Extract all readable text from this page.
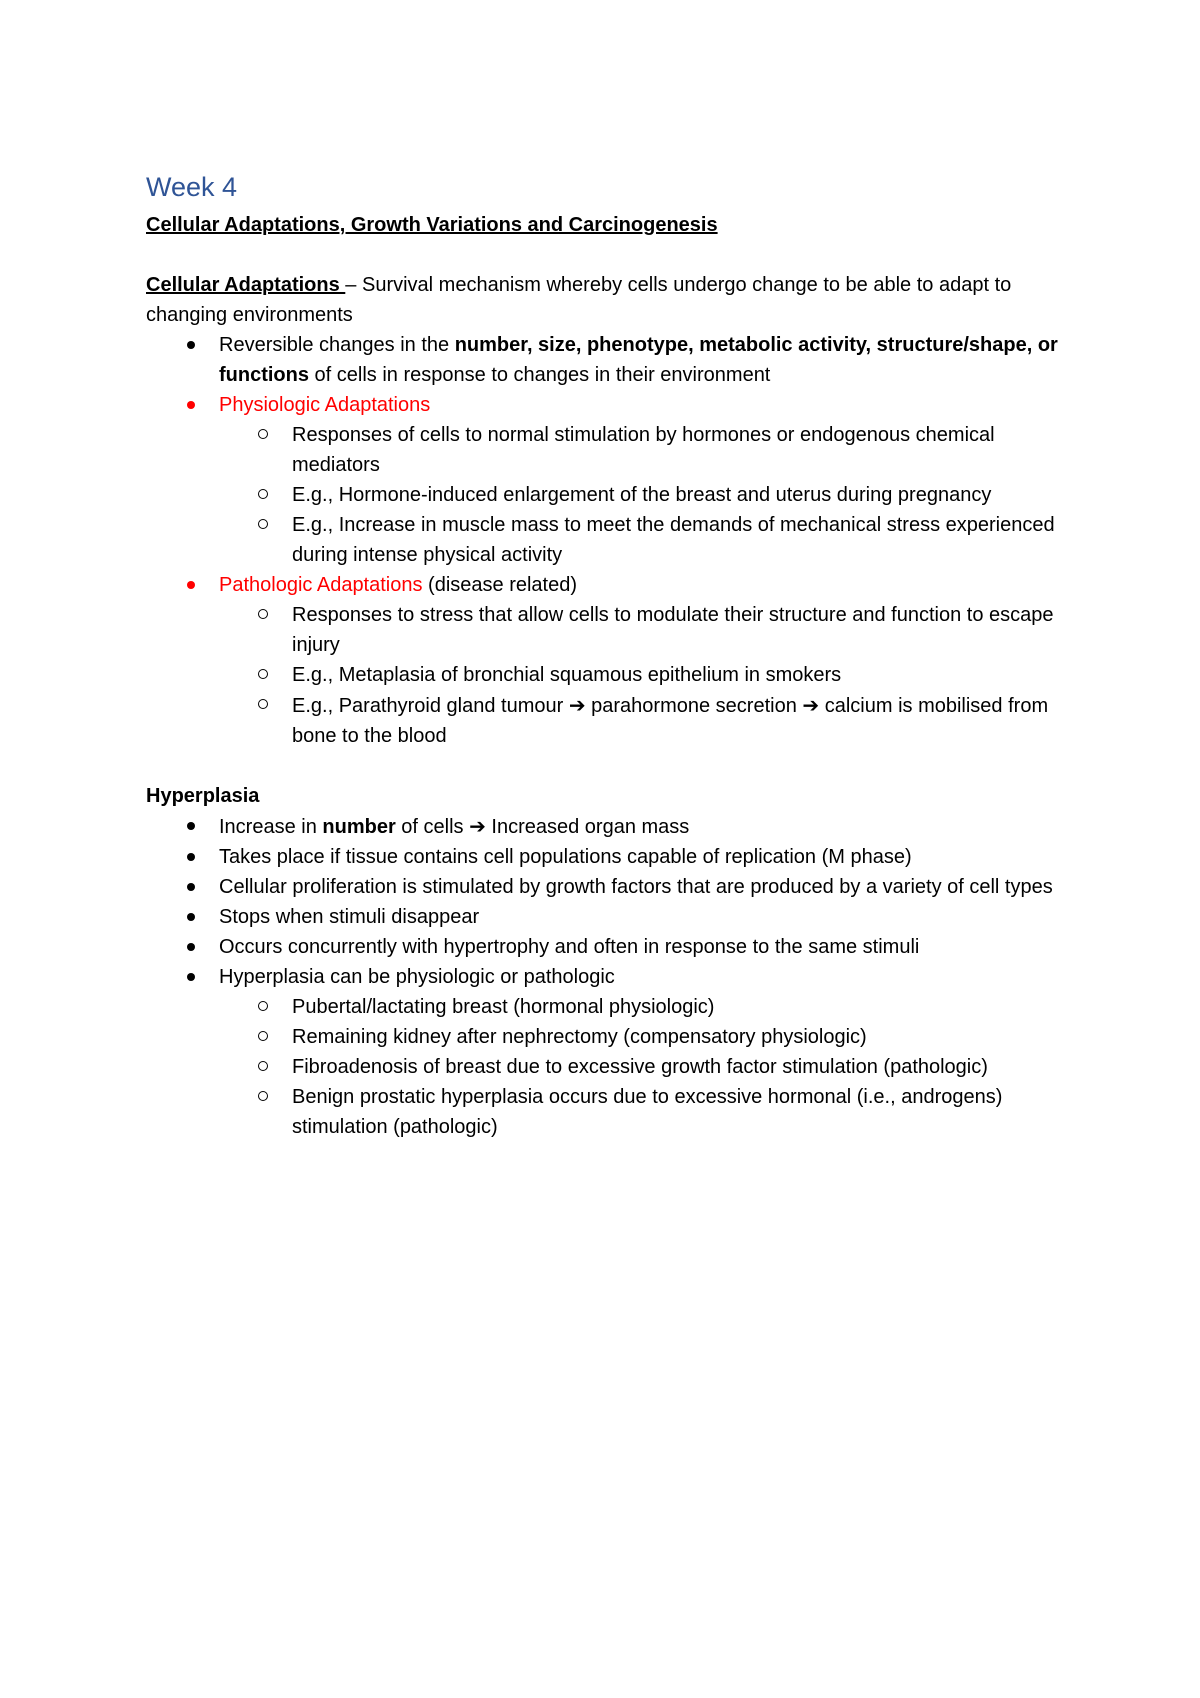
Week 4
Cellular Adaptations, Growth Variations and Carcinogenesis
Cellular Adaptations – Survival mechanism whereby cells undergo change to be able to adapt to changing environments
Reversible changes in the number, size, phenotype, metabolic activity, structure/shape, or functions of cells in response to changes in their environment
Physiologic Adaptations
Responses of cells to normal stimulation by hormones or endogenous chemical mediators
E.g., Hormone-induced enlargement of the breast and uterus during pregnancy
E.g., Increase in muscle mass to meet the demands of mechanical stress experienced during intense physical activity
Pathologic Adaptations (disease related)
Responses to stress that allow cells to modulate their structure and function to escape injury
E.g., Metaplasia of bronchial squamous epithelium in smokers
E.g., Parathyroid gland tumour ➔ parahormone secretion ➔ calcium is mobilised from bone to the blood
Hyperplasia
Increase in number of cells ➔ Increased organ mass
Takes place if tissue contains cell populations capable of replication (M phase)
Cellular proliferation is stimulated by growth factors that are produced by a variety of cell types
Stops when stimuli disappear
Occurs concurrently with hypertrophy and often in response to the same stimuli
Hyperplasia can be physiologic or pathologic
Pubertal/lactating breast (hormonal physiologic)
Remaining kidney after nephrectomy (compensatory physiologic)
Fibroadenosis of breast due to excessive growth factor stimulation (pathologic)
Benign prostatic hyperplasia occurs due to excessive hormonal (i.e., androgens) stimulation (pathologic)
